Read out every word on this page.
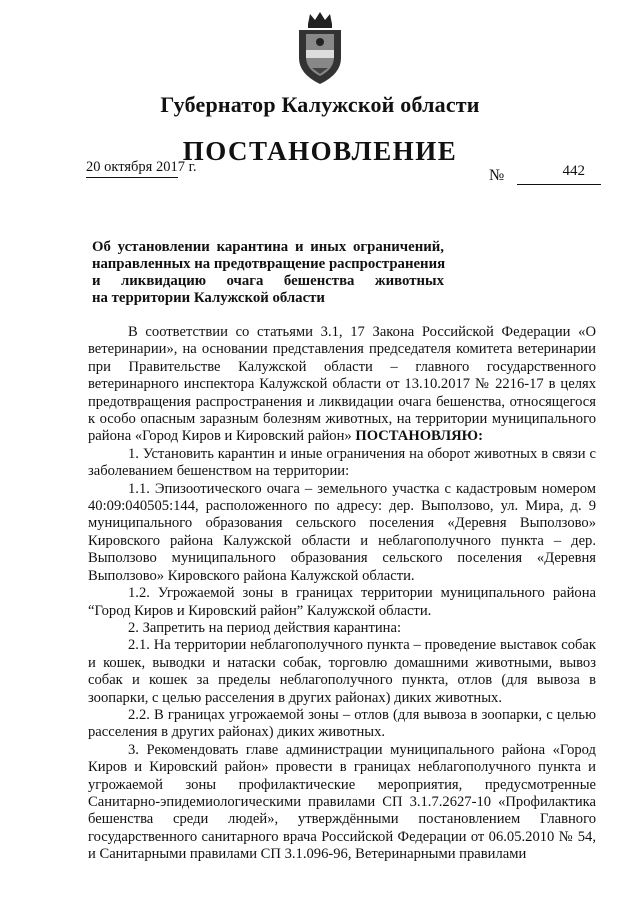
Губернатор Калужской области
ПОСТАНОВЛЕНИЕ
20 октября 2017 г.	№	442
Об установлении карантина и иных ограничений,
направленных на предотвращение распространения
и ликвидацию очага бешенства животных
на территории Калужской области

В соответствии со статьями 3.1, 17 Закона Российской Федерации «О ветеринарии», на основании представления председателя комитета ветеринарии при Правительстве Калужской области – главного государственного ветеринарного инспектора Калужской области от 13.10.2017 № 2216-17 в целях предотвращения распространения и ликвидации очага бешенства, относящегося к особо опасным заразным болезням животных, на территории муниципального района «Город Киров и Кировский район» ПОСТАНОВЛЯЮ:

1. Установить карантин и иные ограничения на оборот животных в связи с заболеванием бешенством на территории:

1.1. Эпизоотического очага – земельного участка с кадастровым номером 40:09:040505:144, расположенного по адресу: дер. Выползово, ул. Мира, д. 9 муниципального образования сельского поселения «Деревня Выползово» Кировского района Калужской области и неблагополучного пункта – дер. Выползово муниципального образования сельского поселения «Деревня Выползово» Кировского района Калужской области.

1.2. Угрожаемой зоны в границах территории муниципального района “Город Киров и Кировский район” Калужской области.

2. Запретить на период действия карантина:

2.1. На территории неблагополучного пункта – проведение выставок собак и кошек, выводки и натаски собак, торговлю домашними животными, вывоз собак и кошек за пределы неблагополучного пункта, отлов (для вывоза в зоопарки, с целью расселения в других районах) диких животных.

2.2. В границах угрожаемой зоны – отлов (для вывоза в зоопарки, с целью расселения в других районах) диких животных.

3. Рекомендовать главе администрации муниципального района «Город Киров и Кировский район» провести в границах неблагополучного пункта и угрожаемой зоны профилактические мероприятия, предусмотренные Санитарно-эпидемиологическими правилами СП 3.1.7.2627-10 «Профилактика бешенства среди людей», утверждёнными постановлением Главного государственного санитарного врача Российской Федерации от 06.05.2010 № 54, и Санитарными правилами СП 3.1.096-96, Ветеринарными правилами
